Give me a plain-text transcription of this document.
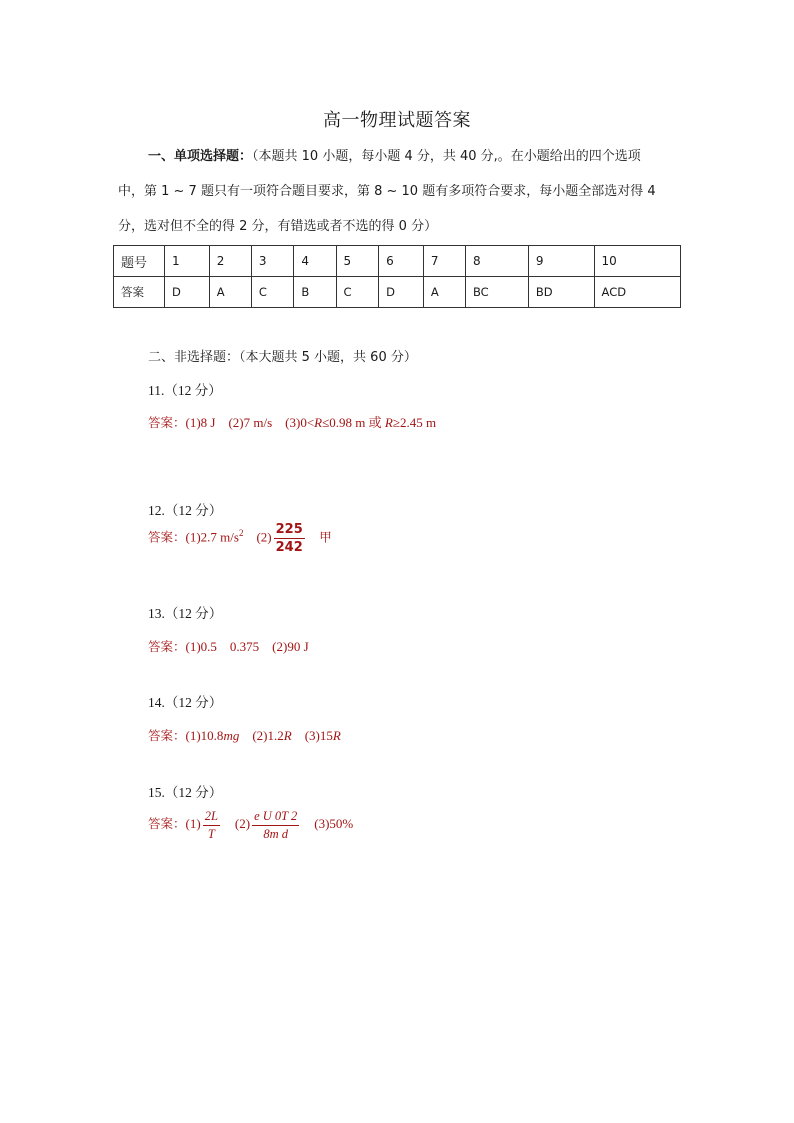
高一物理试题答案
一、单项选择题：（本题共 10 小题，每小题 4 分，共 40 分,。在小题给出的四个选项
中，第 1 ~ 7 题只有一项符合题目要求，第 8 ~ 10 题有多项符合要求，每小题全部选对得 4
分，选对但不全的得 2 分，有错选或者不选的得 0 分）
题号	1	2	3	4	5	6	7	8	9	10
答案	D	A	C	B	C	D	A	BC	BD	ACD
二、非选择题：（本大题共 5 小题，共 60 分）
11.（12 分）
答案：(1)8 J　(2)7 m/s　(3)0<R≤0.98 m 或 R≥2.45 m
12.（12 分）
答案：(1)2.7 $m/s^2$　$(2) \frac{225}{242}$ 　甲
13.（12 分）
答案：(1)0.5　0.375　(2)90 J
14.（12 分）
答案：(1)10.8mg　(2)1.2R　(3)15R
15.（12 分）
答案：$(1) \frac{2L}{T}$ 　$(2) \frac{\text{e U 0T 2}}{\text{8m d}}$ 　(3)50%
